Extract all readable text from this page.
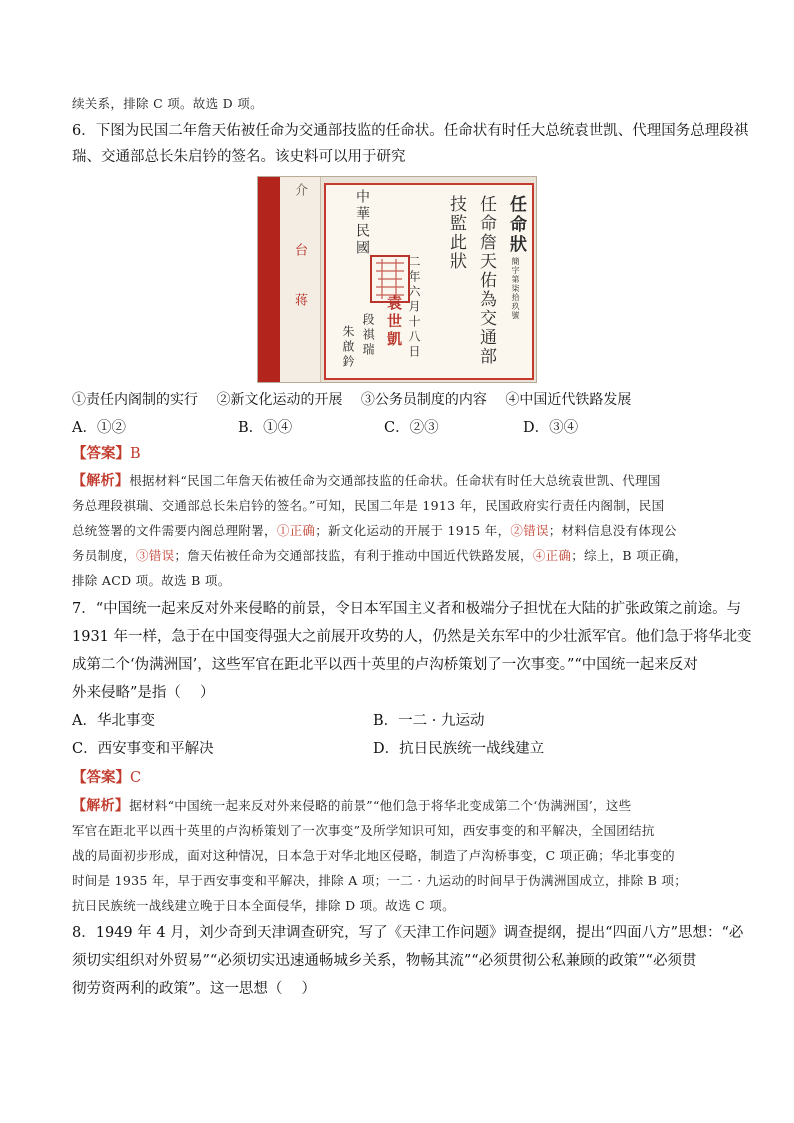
续关系，排除 C 项。故选 D 项。
6．下图为民国二年詹天佑被任命为交通部技监的任命状。任命状有时任大总统袁世凯、代理国务总理段祺
瑞、交通部总长朱启钤的签名。该史料可以用于研究
介
台
蒋
任命狀
簡字第柒拾玖號
任命詹天佑為交通部
技監此狀
中華民國
二年六月十八日
袁世凱
段祺瑞
朱啟鈐
①责任内阁制的实行　 ②新文化运动的开展　 ③公务员制度的内容　 ④中国近代铁路发展
A．①②	B．①④	C．②③	D．③④
【答案】B
【解析】根据材料“民国二年詹天佑被任命为交通部技监的任命状。任命状有时任大总统袁世凯、代理国
务总理段祺瑞、交通部总长朱启钤的签名。”可知，民国二年是 1913 年，民国政府实行责任内阁制，民国
总统签署的文件需要内阁总理附署，①正确；新文化运动的开展于 1915 年，②错误；材料信息没有体现公
务员制度，③错误；詹天佑被任命为交通部技监，有利于推动中国近代铁路发展，④正确；综上，B 项正确，
排除 ACD 项。故选 B 项。
7．“中国统一起来反对外来侵略的前景，令日本军国主义者和极端分子担忧在大陆的扩张政策之前途。与
1931 年一样，急于在中国变得强大之前展开攻势的人，仍然是关东军中的少壮派军官。他们急于将华北变
成第二个‘伪满洲国’，这些军官在距北平以西十英里的卢沟桥策划了一次事变。”“中国统一起来反对
外来侵略”是指（　 ）
A．华北事变	B．一二 · 九运动
C．西安事变和平解决	D．抗日民族统一战线建立
【答案】C
【解析】据材料“中国统一起来反对外来侵略的前景”“他们急于将华北变成第二个‘伪满洲国’，这些
军官在距北平以西十英里的卢沟桥策划了一次事变”及所学知识可知，西安事变的和平解决，全国团结抗
战的局面初步形成，面对这种情况，日本急于对华北地区侵略，制造了卢沟桥事变，C 项正确；华北事变的
时间是 1935 年，早于西安事变和平解决，排除 A 项；一二 · 九运动的时间早于伪满洲国成立，排除 B 项；
抗日民族统一战线建立晚于日本全面侵华，排除 D 项。故选 C 项。
8．1949 年 4 月，刘少奇到天津调查研究，写了《天津工作问题》调查提纲，提出“四面八方”思想：“必
须切实组织对外贸易”“必须切实迅速通畅城乡关系，物畅其流”“必须贯彻公私兼顾的政策”“必须贯
彻劳资两利的政策”。这一思想（　 ）
